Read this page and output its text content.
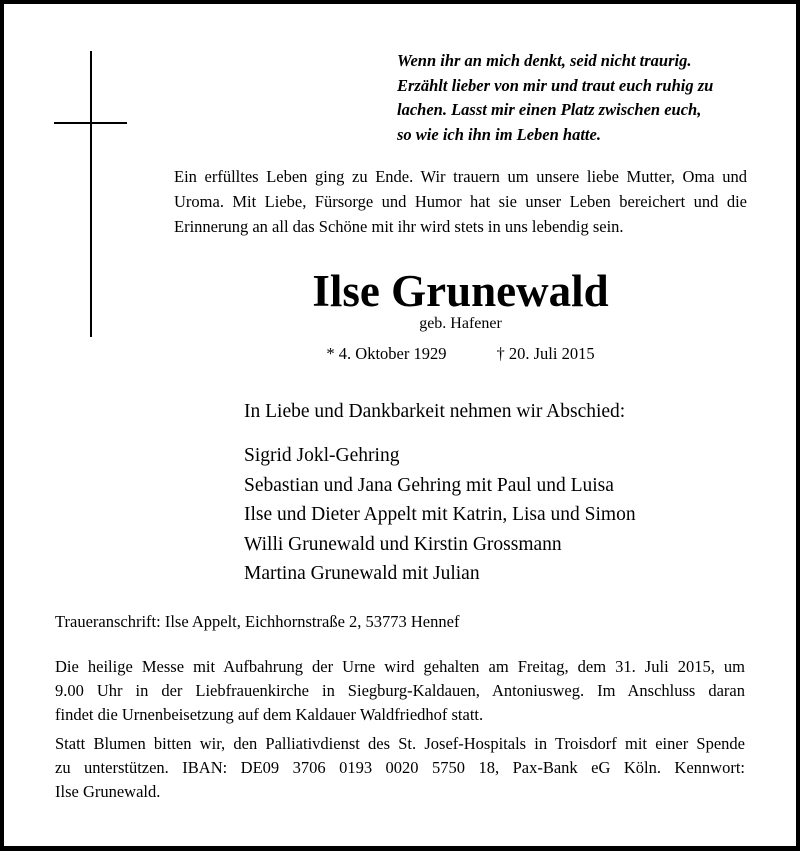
Wenn ihr an mich denkt, seid nicht traurig.
Erzählt lieber von mir und traut euch ruhig zu
lachen. Lasst mir einen Platz zwischen euch,
so wie ich ihn im Leben hatte.
Ein erfülltes Leben ging zu Ende. Wir trauern um unsere liebe Mutter, Oma und
Uroma. Mit Liebe, Fürsorge und Humor hat sie unser Leben bereichert und die
Erinnerung an all das Schöne mit ihr wird stets in uns lebendig sein.
Ilse Grunewald
geb. Hafener
* 4. Oktober 1929	† 20. Juli 2015
In Liebe und Dankbarkeit nehmen wir Abschied:
Sigrid Jokl-Gehring
Sebastian und Jana Gehring mit Paul und Luisa
Ilse und Dieter Appelt mit Katrin, Lisa und Simon
Willi Grunewald und Kirstin Grossmann
Martina Grunewald mit Julian
Traueranschrift: Ilse Appelt, Eichhornstraße 2, 53773 Hennef
Die heilige Messe mit Aufbahrung der Urne wird gehalten am Freitag, dem 31. Juli 2015, um
9.00 Uhr in der Liebfrauenkirche in Siegburg-Kaldauen, Antoniusweg. Im Anschluss daran
findet die Urnenbeisetzung auf dem Kaldauer Waldfriedhof statt.
Statt Blumen bitten wir, den Palliativdienst des St. Josef-Hospitals in Troisdorf mit einer Spende
zu unterstützen. IBAN: DE09 3706 0193 0020 5750 18, Pax-Bank eG Köln. Kennwort:
Ilse Grunewald.
